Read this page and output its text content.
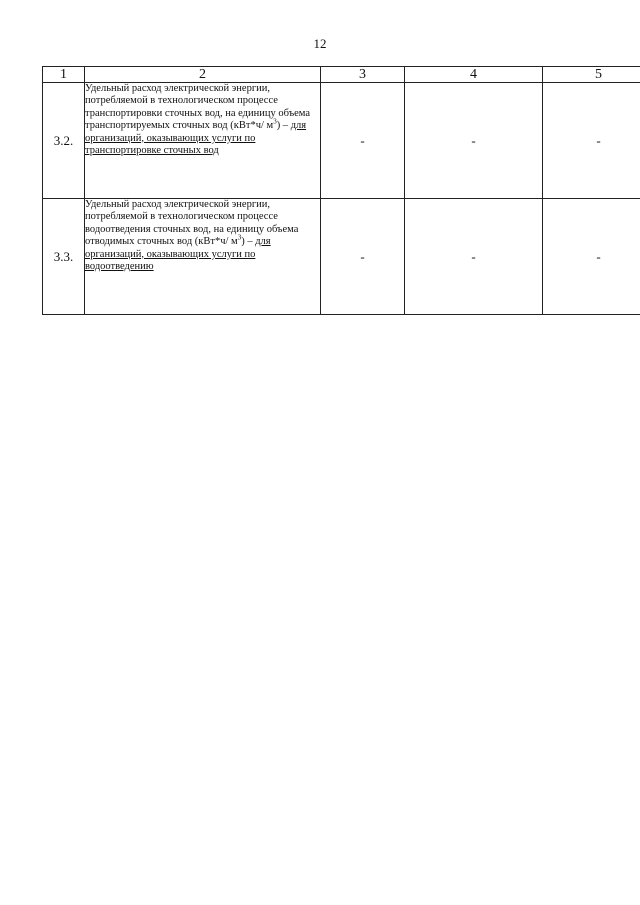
12
1	2	3	4	5
3.2.	Удельный расход электрической энергии, потребляемой в технологическом процессе транспортировки сточных вод, на единицу объема транспортируемых сточных вод (кВт*ч/ $м^3$) – для организаций, оказывающих услуги по транспортировке сточных вод	-	-	-
3.3.	Удельный расход электрической энергии, потребляемой в технологическом процессе водоотведения сточных вод, на единицу объема отводимых сточных вод (кВт*ч/ $м^3$) – для организаций, оказывающих услуги по водоотведению	-	-	-
